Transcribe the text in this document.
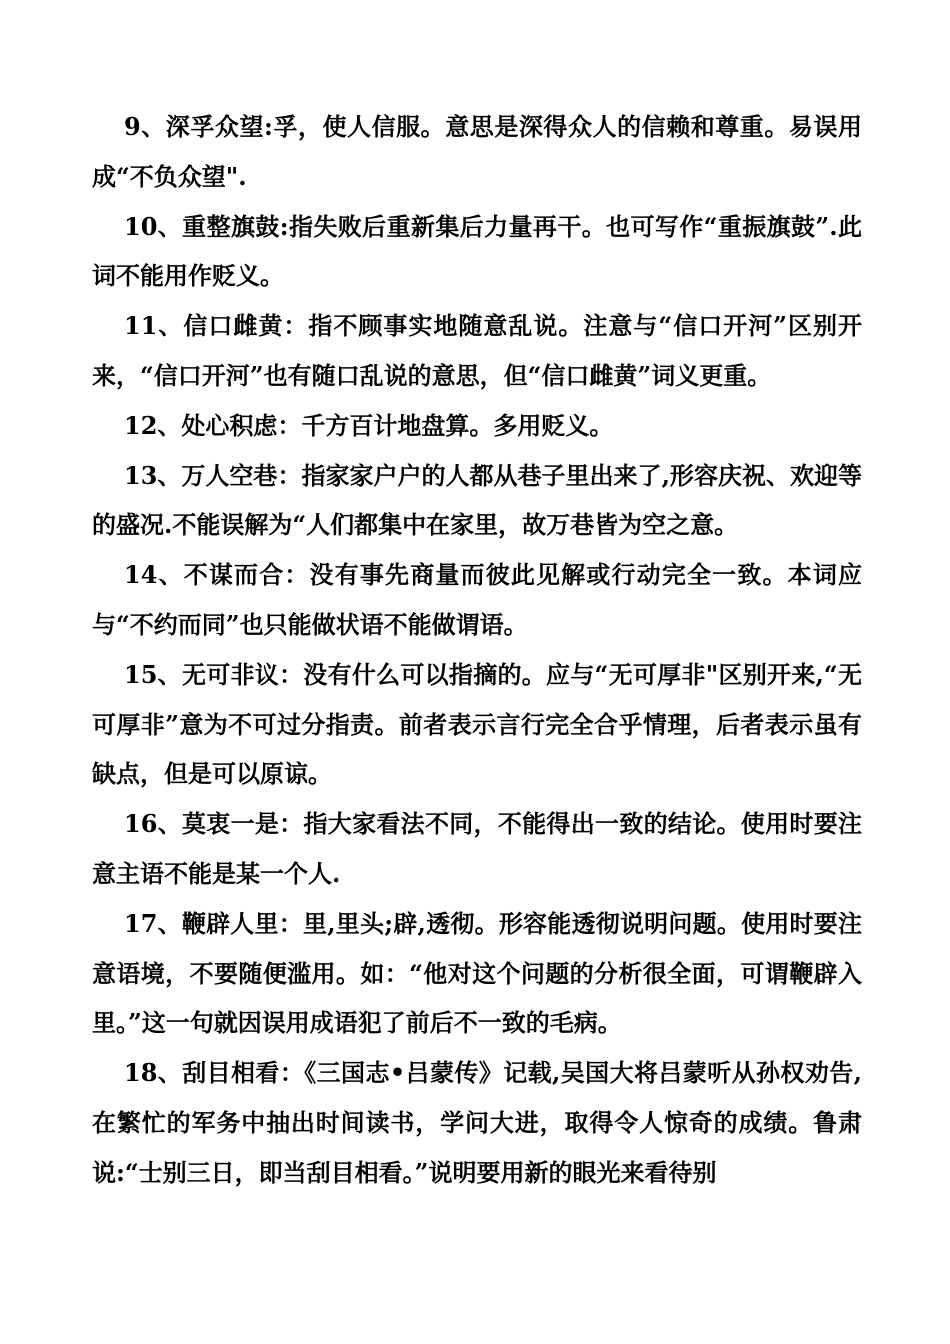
9、深孚众望:孚，使人信服。意思是深得众人的信赖和尊重。易误用成“不负众望".

10、重整旗鼓:指失败后重新集后力量再干。也可写作“重振旗鼓”.此词不能用作贬义。

11、信口雌黄：指不顾事实地随意乱说。注意与“信口开河”区别开来，“信口开河”也有随口乱说的意思，但“信口雌黄”词义更重。

12、处心积虑：千方百计地盘算。多用贬义。

13、万人空巷：指家家户户的人都从巷子里出来了,形容庆祝、欢迎等的盛况.不能误解为“人们都集中在家里，故万巷皆为空之意。

14、不谋而合：没有事先商量而彼此见解或行动完全一致。本词应与“不约而同”也只能做状语不能做谓语。

15、无可非议：没有什么可以指摘的。应与“无可厚非"区别开来,“无可厚非”意为不可过分指责。前者表示言行完全合乎情理，后者表示虽有缺点，但是可以原谅。

16、莫衷一是：指大家看法不同，不能得出一致的结论。使用时要注意主语不能是某一个人.

17、鞭辟人里：里,里头;辟,透彻。形容能透彻说明问题。使用时要注意语境，不要随便滥用。如：“他对这个问题的分析很全面，可谓鞭辟入里。”这一句就因误用成语犯了前后不一致的毛病。

18、刮目相看：《三国志•吕蒙传》记载,吴国大将吕蒙听从孙权劝告,在繁忙的军务中抽出时间读书，学问大进，取得令人惊奇的成绩。鲁肃说:“士别三日，即当刮目相看。”说明要用新的眼光来看待别
